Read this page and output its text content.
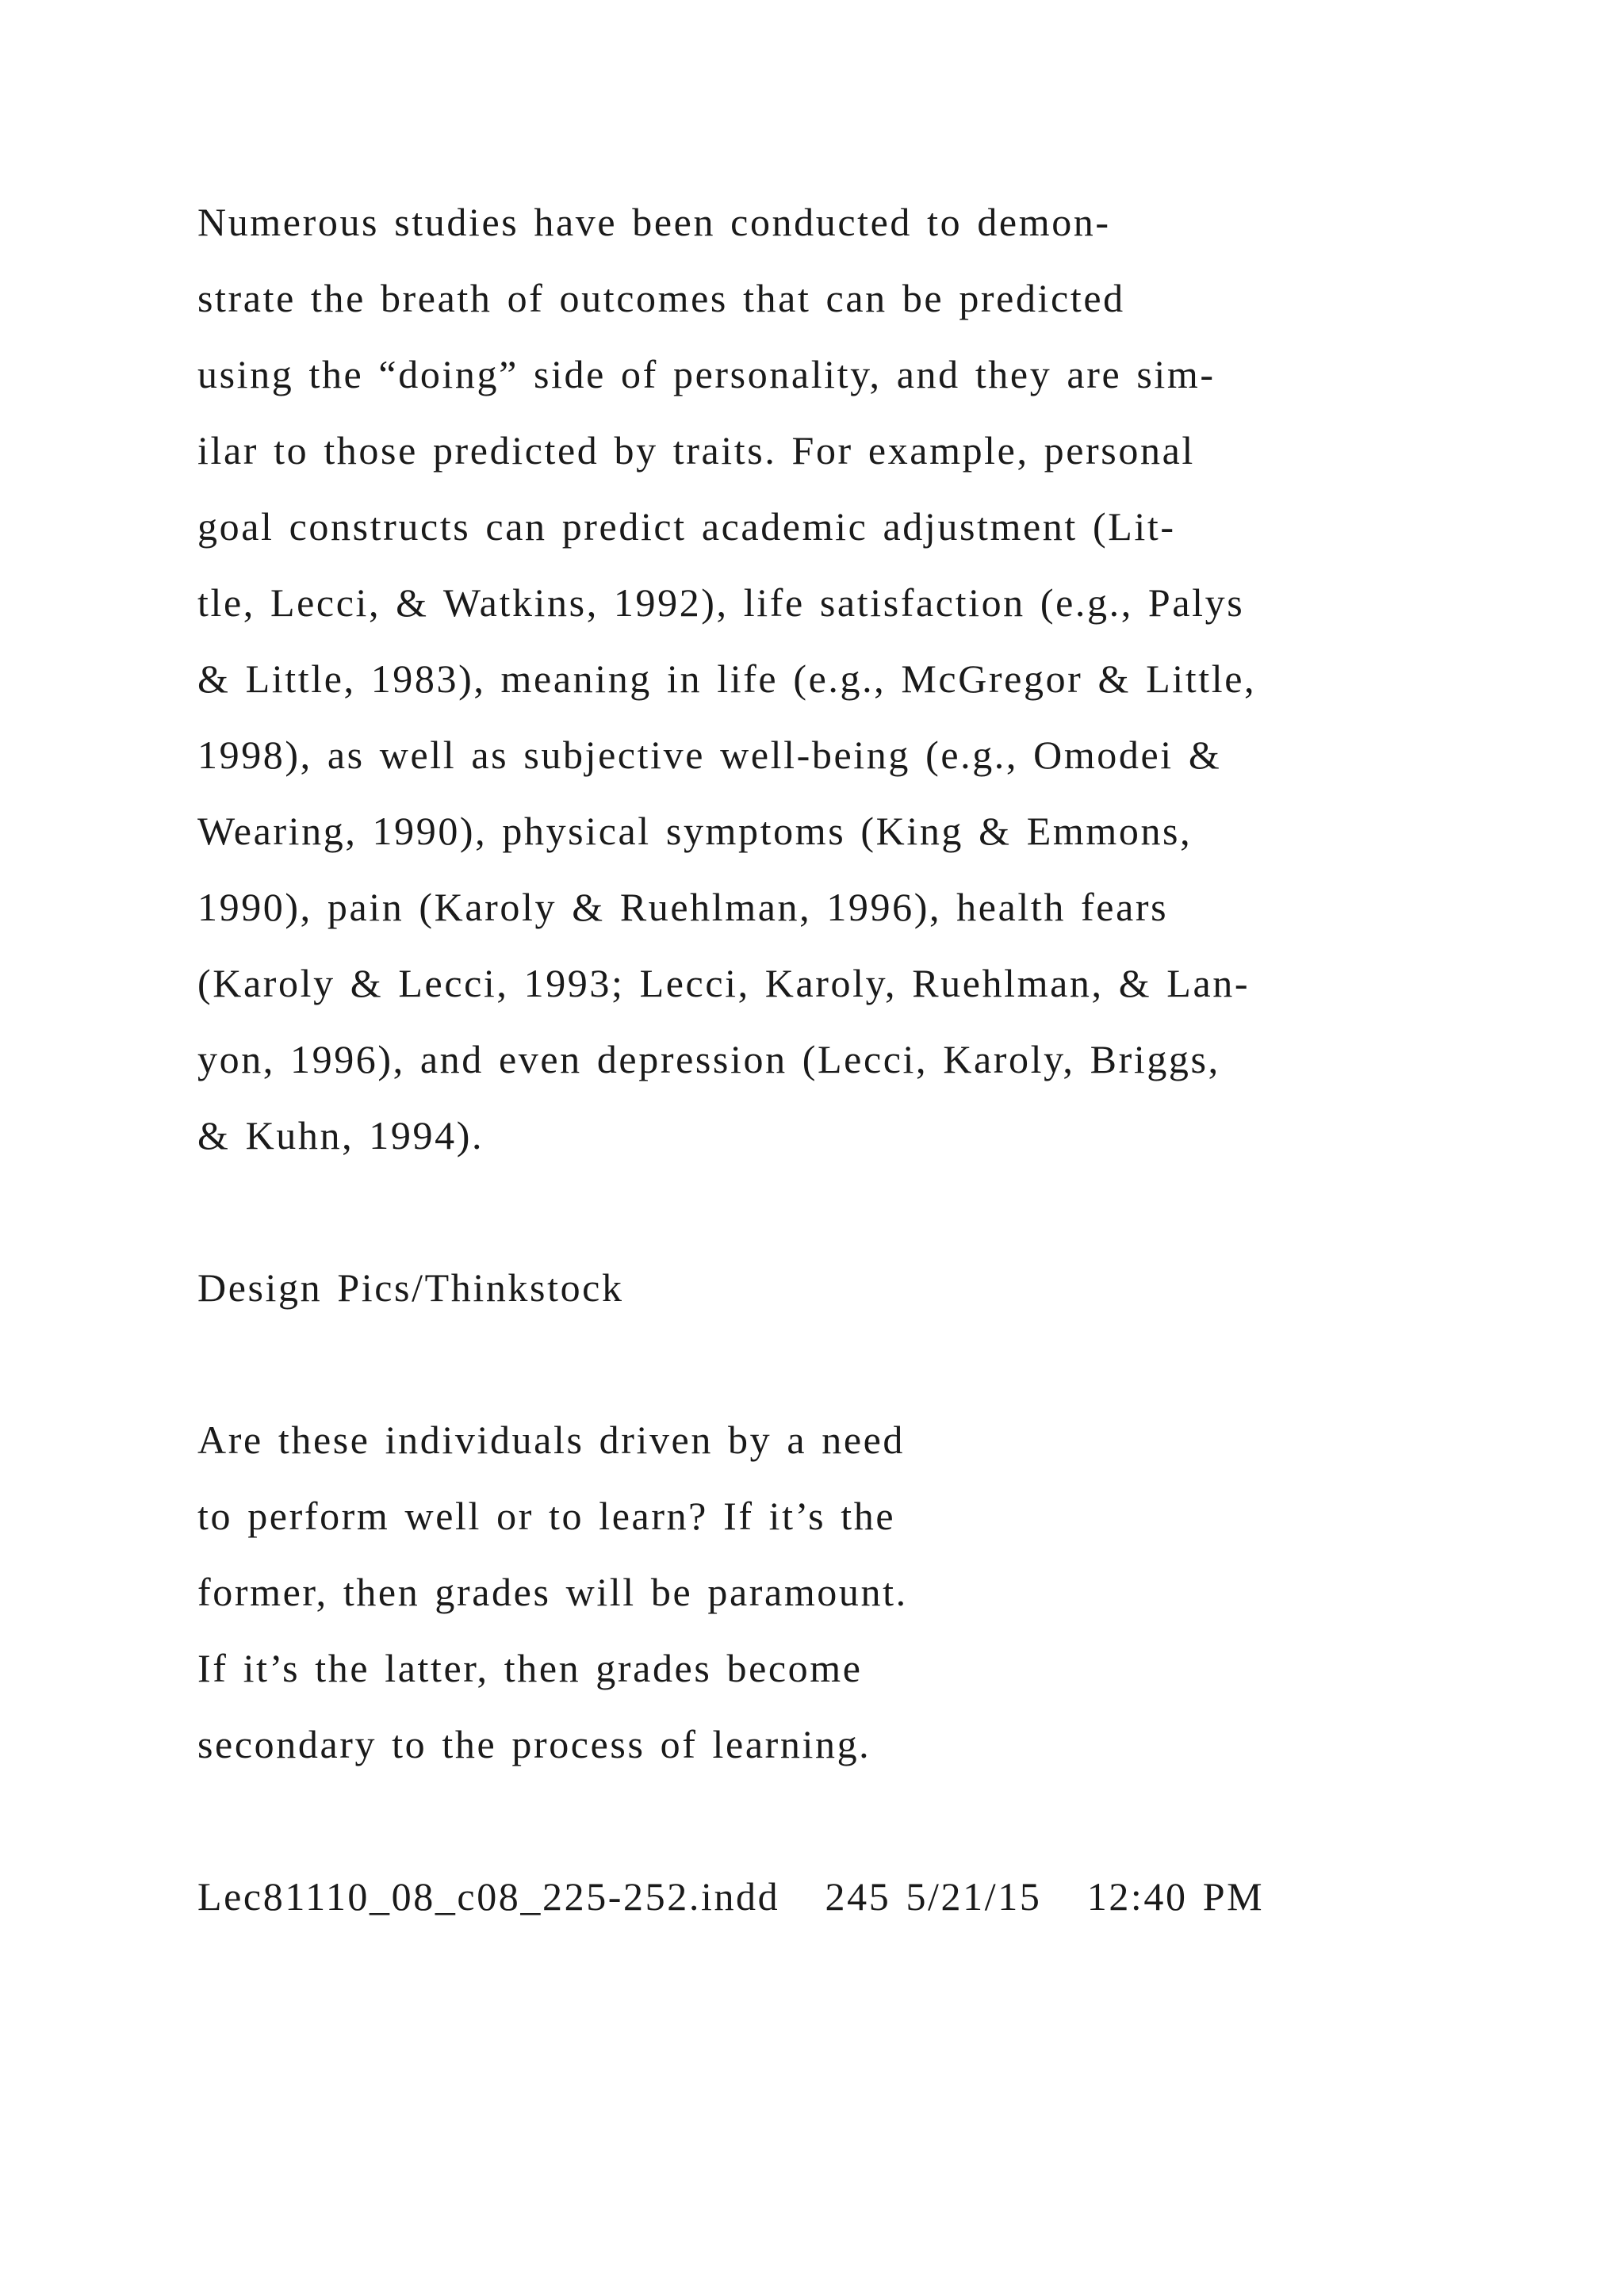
Numerous studies have been conducted to demon-
strate the breath of outcomes that can be predicted
using the “doing” side of personality, and they are sim-
ilar to those predicted by traits. For example, personal
goal constructs can predict academic adjustment (Lit-
tle, Lecci, & Watkins, 1992), life satisfaction (e.g., Palys
& Little, 1983), meaning in life (e.g., McGregor & Little,
1998), as well as subjective well-being (e.g., Omodei &
Wearing, 1990), physical symptoms (King & Emmons,
1990), pain (Karoly & Ruehlman, 1996), health fears
(Karoly & Lecci, 1993; Lecci, Karoly, Ruehlman, & Lan-
yon, 1996), and even depression (Lecci, Karoly, Briggs,
& Kuhn, 1994).
Design Pics/Thinkstock
Are these individuals driven by a need
to perform well or to learn? If it’s the
former, then grades will be paramount.
If it’s the latter, then grades become
secondary to the process of learning.
Lec81110_08_c08_225-252.indd   245 5/21/15   12:40 PM
